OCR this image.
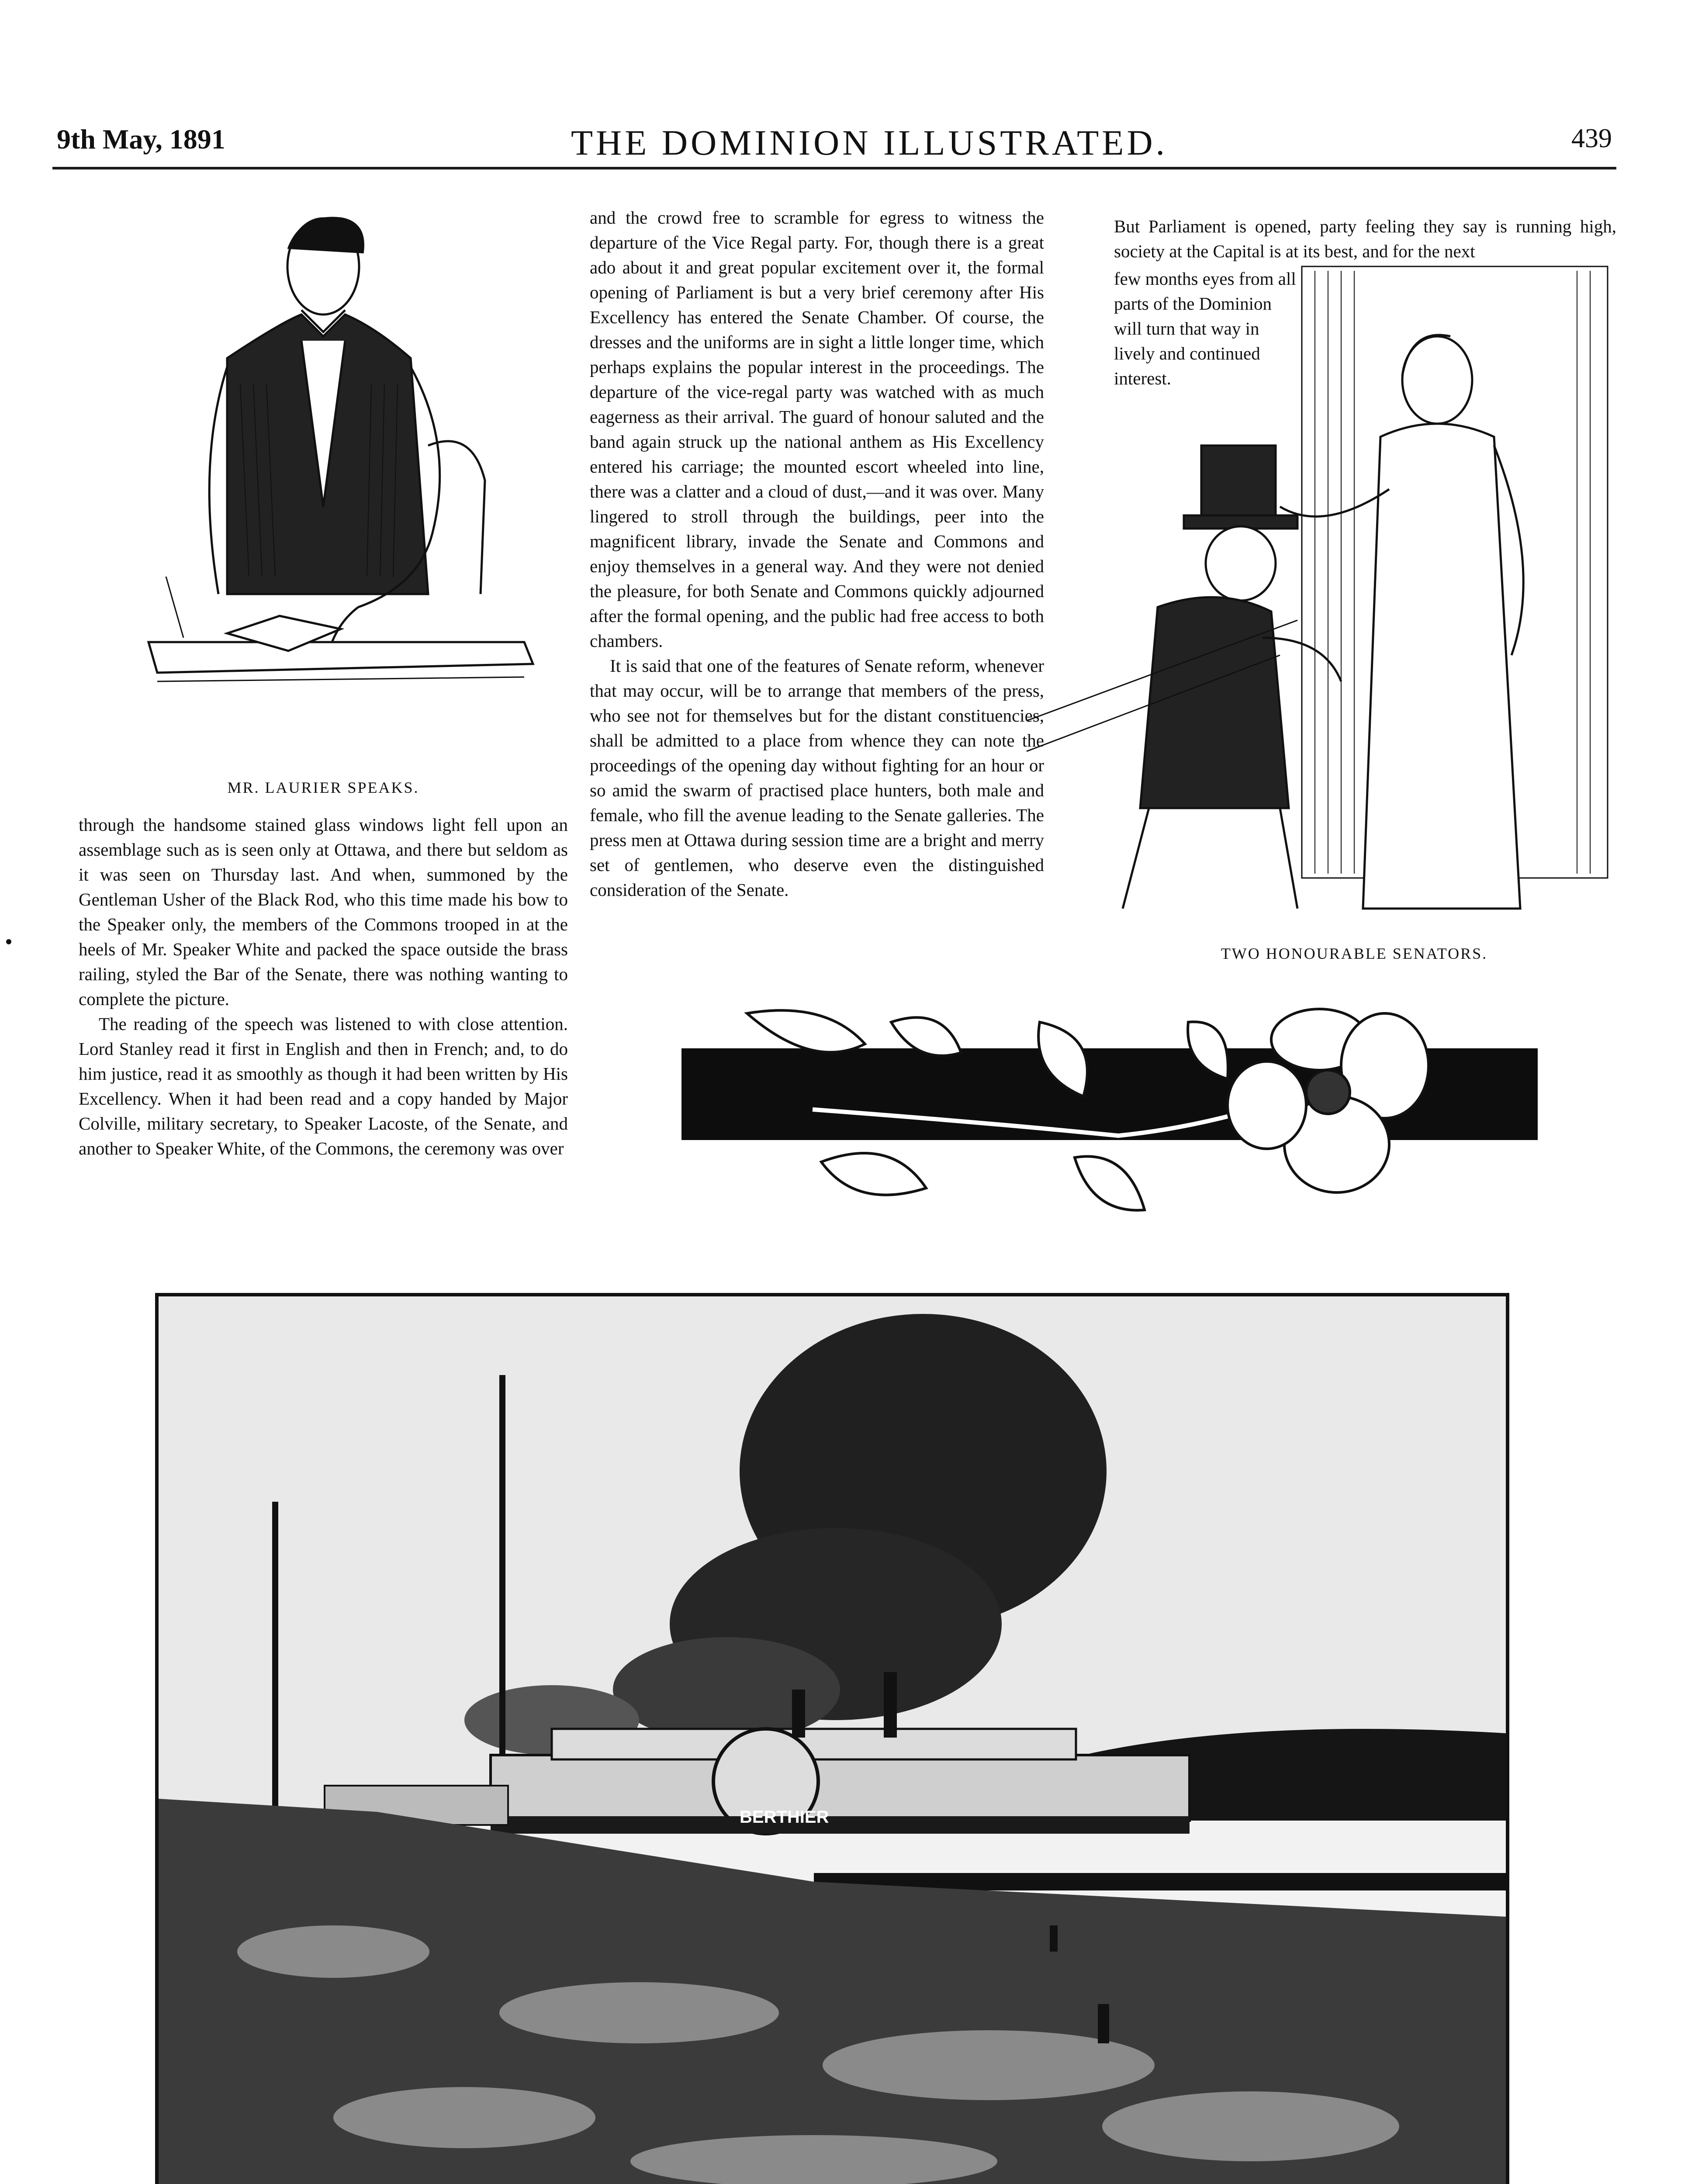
9th May, 1891	THE DOMINION ILLUSTRATED.	439
MR. LAURIER SPEAKS.

through the handsome stained glass windows light fell upon an assemblage such as is seen only at Ottawa, and there but seldom as it was seen on Thursday last. And when, summoned by the Gentleman Usher of the Black Rod, who this time made his bow to the Speaker only, the members of the Commons trooped in at the heels of Mr. Speaker White and packed the space outside the brass railing, styled the Bar of the Senate, there was nothing wanting to complete the picture.

The reading of the speech was listened to with close attention. Lord Stanley read it first in English and then in French; and, to do him justice, read it as smoothly as though it had been written by His Excellency. When it had been read and a copy handed by Major Colville, military secretary, to Speaker Lacoste, of the Senate, and another to Speaker White, of the Commons, the ceremony was over

and the crowd free to scramble for egress to witness the departure of the Vice Regal party. For, though there is a great ado about it and great popular excitement over it, the formal opening of Parliament is but a very brief ceremony after His Excellency has entered the Senate Chamber. Of course, the dresses and the uniforms are in sight a little longer time, which perhaps explains the popular interest in the proceedings. The departure of the vice-regal party was watched with as much eagerness as their arrival. The guard of honour saluted and the band again struck up the national anthem as His Excellency entered his carriage; the mounted escort wheeled into line, there was a clatter and a cloud of dust,—and it was over. Many lingered to stroll through the buildings, peer into the magnificent library, invade the Senate and Commons and enjoy themselves in a general way. And they were not denied the pleasure, for both Senate and Commons quickly adjourned after the formal opening, and the public had free access to both chambers.

It is said that one of the features of Senate reform, whenever that may occur, will be to arrange that members of the press, who see not for themselves but for the distant constituencies, shall be admitted to a place from whence they can note the proceedings of the opening day without fighting for an hour or so amid the swarm of practised place hunters, both male and female, who fill the avenue leading to the Senate galleries. The press men at Ottawa during session time are a bright and merry set of gentlemen, who deserve even the distinguished consideration of the Senate.

But Parliament is opened, party feeling they say is running high, society at the Capital is at its best, and for the next
few months eyes from all parts of the Dominion will turn that way in lively and continued interest.
TWO HONOURABLE SENATORS.
BERTHIER
